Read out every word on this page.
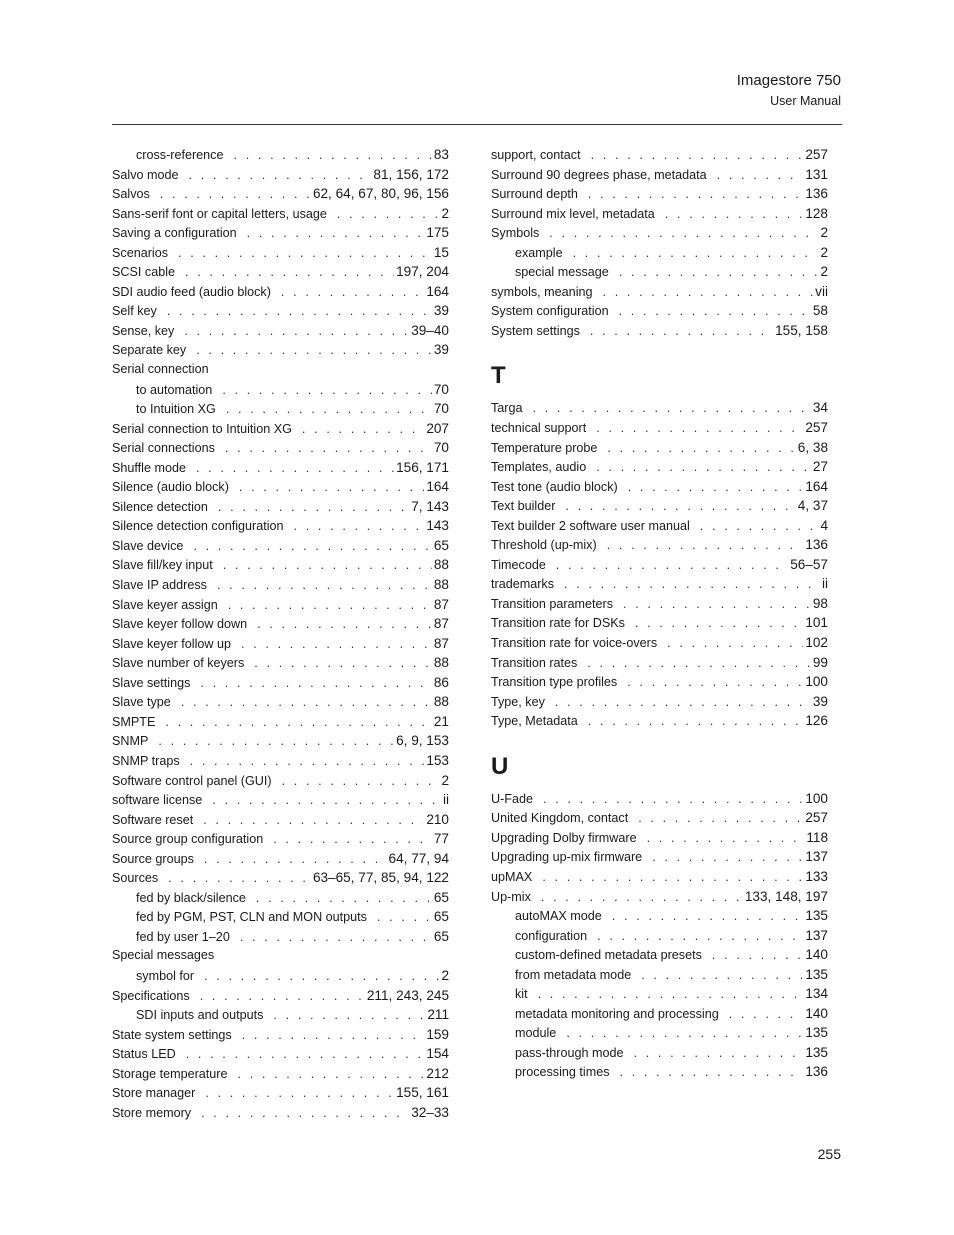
Imagestore 750
User Manual
cross-reference . . .	83
Salvo mode . . .	81, 156, 172
Salvos . . .	62, 64, 67, 80, 96, 156
Sans-serif font or capital letters, usage . . .	2
Saving a configuration . . .	175
Scenarios . . .	15
SCSI cable . . .	197, 204
SDI audio feed (audio block) . . .	164
Self key . . .	39
Sense, key . . .	39–40
Separate key . . .	39
Serial connection
to automation . . .	70
to Intuition XG . . .	70
Serial connection to Intuition XG . . .	207
Serial connections . . .	70
Shuffle mode . . .	156, 171
Silence (audio block) . . .	164
Silence detection . . .	7, 143
Silence detection configuration . . .	143
Slave device . . .	65
Slave fill/key input . . .	88
Slave IP address . . .	88
Slave keyer assign . . .	87
Slave keyer follow down . . .	87
Slave keyer follow up . . .	87
Slave number of keyers . . .	88
Slave settings . . .	86
Slave type . . .	88
SMPTE . . .	21
SNMP . . .	6, 9, 153
SNMP traps . . .	153
Software control panel (GUI) . . .	2
software license . . .	ii
Software reset . . .	210
Source group configuration . . .	77
Source groups . . .	64, 77, 94
Sources . . .	63–65, 77, 85, 94, 122
fed by black/silence . . .	65
fed by PGM, PST, CLN and MON outputs . . .	65
fed by user 1–20 . . .	65
Special messages
symbol for . . .	2
Specifications . . .	211, 243, 245
SDI inputs and outputs . . .	211
State system settings . . .	159
Status LED . . .	154
Storage temperature . . .	212
Store manager . . .	155, 161
Store memory . . .	32–33
support, contact . . .	257
Surround 90 degrees phase, metadata . . .	131
Surround depth . . .	136
Surround mix level, metadata . . .	128
Symbols . . .	2
example . . .	2
special message . . .	2
symbols, meaning . . .	vii
System configuration . . .	58
System settings . . .	155, 158
T
Targa . . .	34
technical support . . .	257
Temperature probe . . .	6, 38
Templates, audio . . .	27
Test tone (audio block) . . .	164
Text builder . . .	4, 37
Text builder 2 software user manual . . .	4
Threshold (up-mix) . . .	136
Timecode . . .	56–57
trademarks . . .	ii
Transition parameters . . .	98
Transition rate for DSKs . . .	101
Transition rate for voice-overs . . .	102
Transition rates . . .	99
Transition type profiles . . .	100
Type, key . . .	39
Type, Metadata . . .	126
U
U-Fade . . .	100
United Kingdom, contact . . .	257
Upgrading Dolby firmware . . .	118
Upgrading up-mix firmware . . .	137
upMAX . . .	133
Up-mix . . .	133, 148, 197
autoMAX mode . . .	135
configuration . . .	137
custom-defined metadata presets . . .	140
from metadata mode . . .	135
kit . . .	134
metadata monitoring and processing . . .	140
module . . .	135
pass-through mode . . .	135
processing times . . .	136
255
